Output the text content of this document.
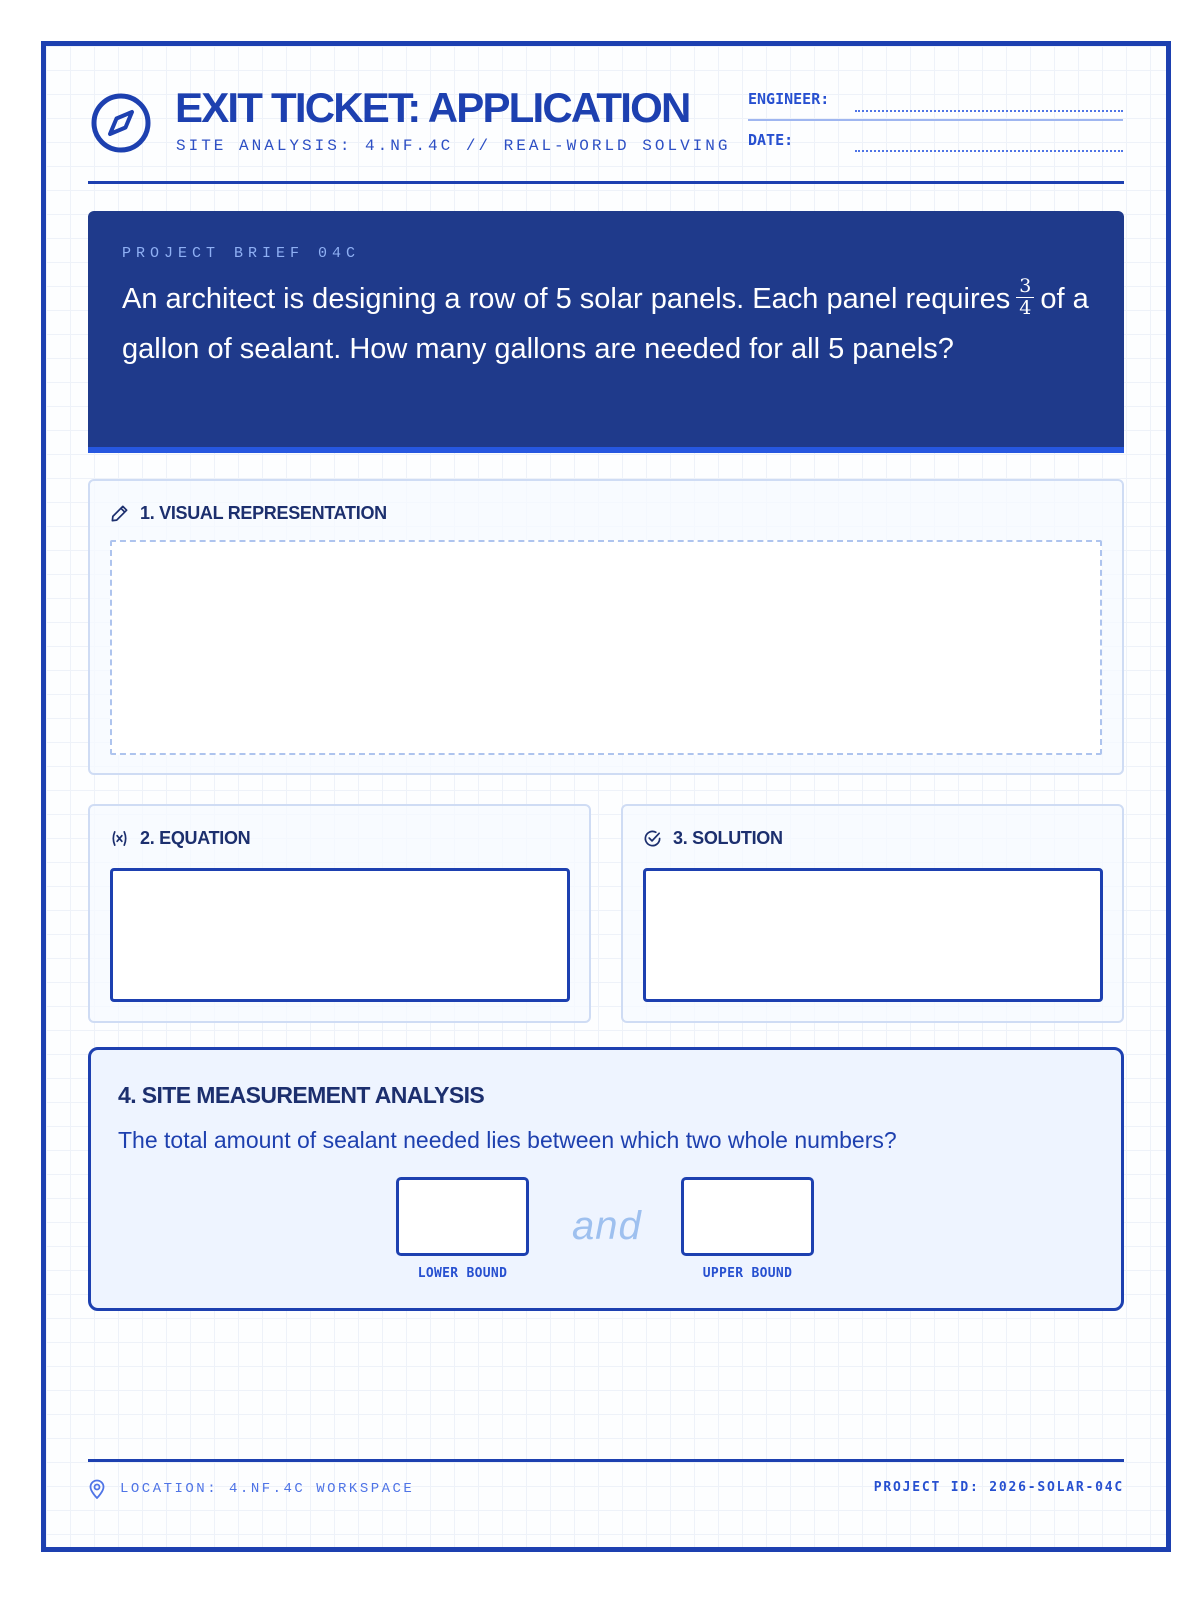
EXIT TICKET: APPLICATION
SITE ANALYSIS: 4.NF.4C // REAL-WORLD SOLVING
ENGINEER:
DATE:
PROJECT BRIEF 04C
An architect is designing a row of 5 solar panels. Each panel requires $\frac{3}{4}$ of a gallon of sealant. How many gallons are needed for all 5 panels?
1. VISUAL REPRESENTATION
2. EQUATION	3. SOLUTION
4. SITE MEASUREMENT ANALYSIS
The total amount of sealant needed lies between which two whole numbers?
LOWER BOUND
and
UPPER BOUND
LOCATION: 4.NF.4C WORKSPACE	PROJECT ID: 2026-SOLAR-04C
